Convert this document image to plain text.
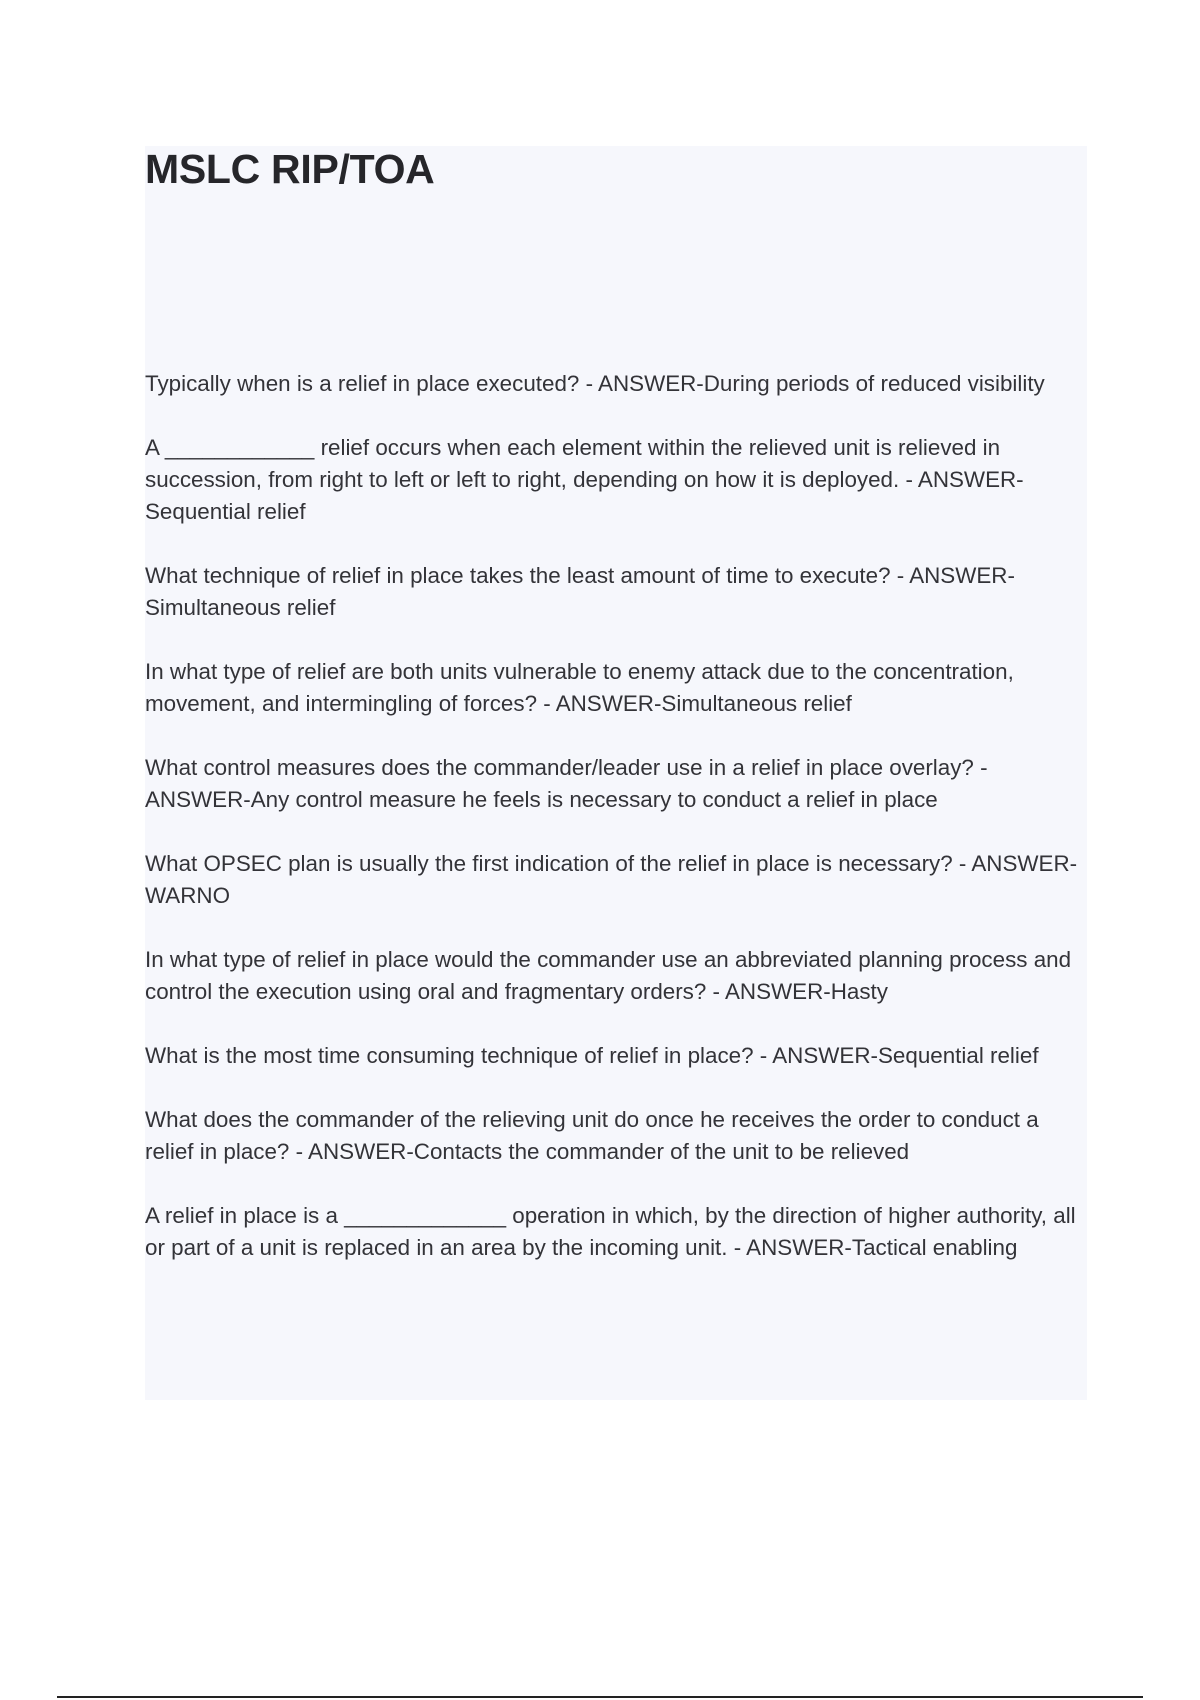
MSLC RIP/TOA

Typically when is a relief in place executed? - ANSWER-During periods of reduced visibility

A ____________ relief occurs when each element within the relieved unit is relieved in succession, from right to left or left to right, depending on how it is deployed. - ANSWER-Sequential relief

What technique of relief in place takes the least amount of time to execute? - ANSWER-Simultaneous relief

In what type of relief are both units vulnerable to enemy attack due to the concentration, movement, and intermingling of forces? - ANSWER-Simultaneous relief

What control measures does the commander/leader use in a relief in place overlay? - ANSWER-Any control measure he feels is necessary to conduct a relief in place

What OPSEC plan is usually the first indication of the relief in place is necessary? - ANSWER-WARNO

In what type of relief in place would the commander use an abbreviated planning process and control the execution using oral and fragmentary orders? - ANSWER-Hasty

What is the most time consuming technique of relief in place? - ANSWER-Sequential relief

What does the commander of the relieving unit do once he receives the order to conduct a relief in place? - ANSWER-Contacts the commander of the unit to be relieved

A relief in place is a _____________ operation in which, by the direction of higher authority, all or part of a unit is replaced in an area by the incoming unit. - ANSWER-Tactical enabling
